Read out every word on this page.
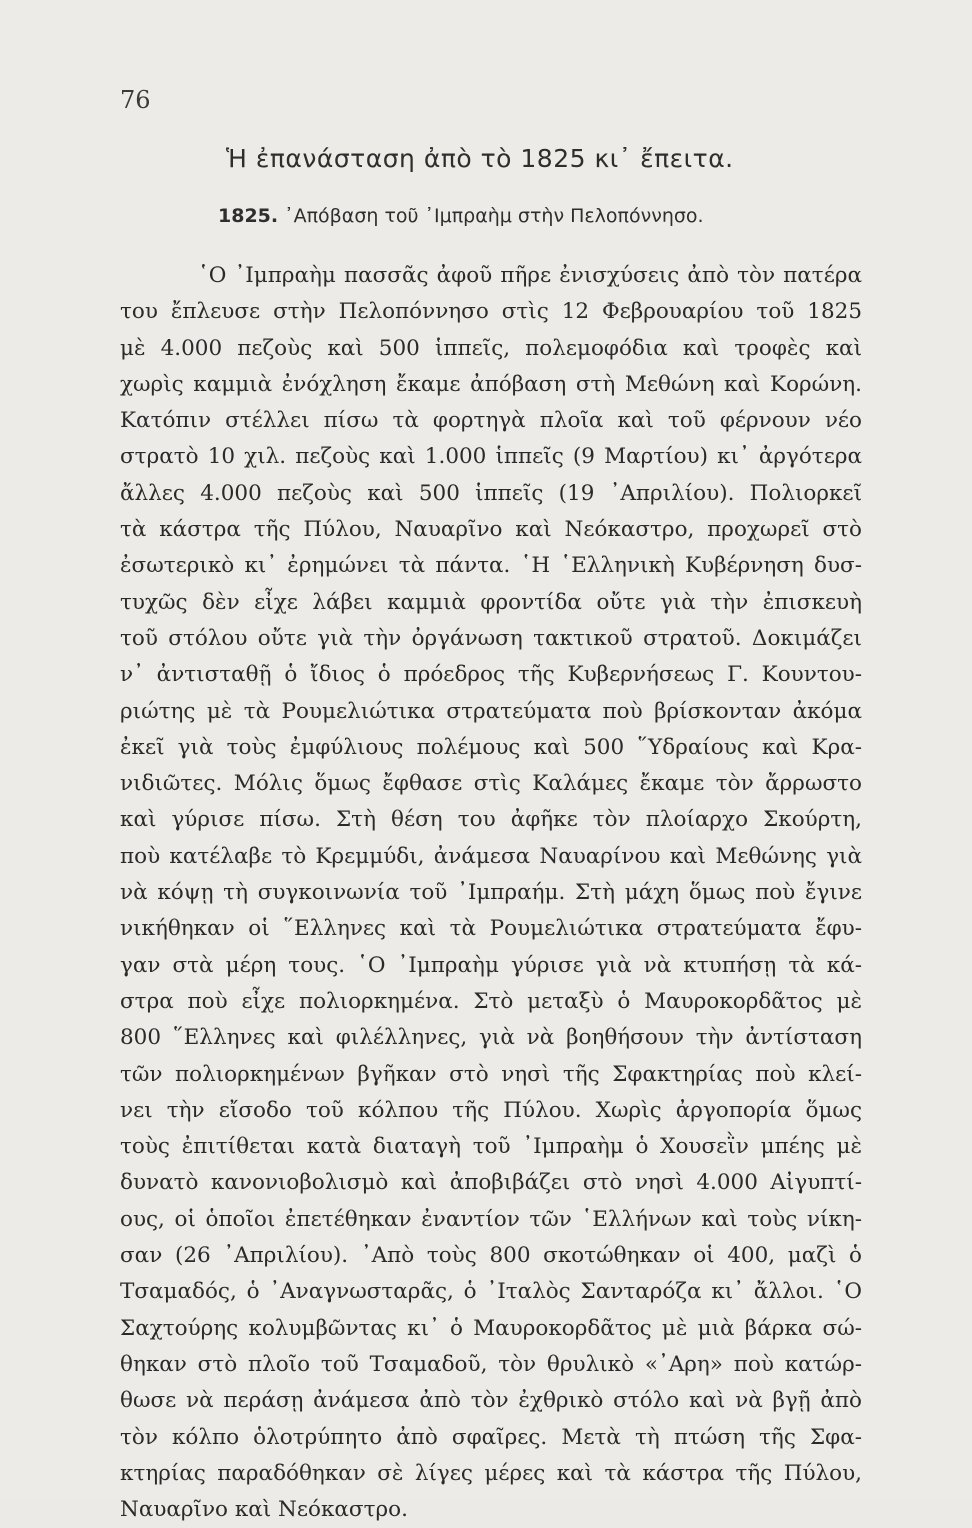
76
Ἡ ἐπανάσταση ἀπὸ τὸ 1825 κι᾽ ἔπειτα.
1825. ᾽Απόβαση τοῦ ᾽Ιμπραὴμ στὴν Πελοπόννησο.
῾Ο ᾽Ιμπραὴμ πασσᾶς ἀφοῦ πῆρε ἐνισχύσεις ἀπὸ τὸν πατέρα
του ἔπλευσε στὴν Πελοπόννησο στὶς 12 Φεβρουαρίου τοῦ 1825
μὲ 4.000 πεζοὺς καὶ 500 ἱππεῖς, πολεμοφόδια καὶ τροφὲς καὶ
χωρὶς καμμιὰ ἐνόχληση ἔκαμε ἀπόβαση στὴ Μεθώνη καὶ Κορώνη.
Κατόπιν στέλλει πίσω τὰ φορτηγὰ πλοῖα καὶ τοῦ φέρνουν νέο
στρατὸ 10 χιλ. πεζοὺς καὶ 1.000 ἱππεῖς (9 Μαρτίου) κι᾽ ἀργότερα
ἄλλες 4.000 πεζοὺς καὶ 500 ἱππεῖς (19 ᾽Απριλίου). Πολιορκεῖ
τὰ κάστρα τῆς Πύλου, Ναυαρῖνο καὶ Νεόκαστρο, προχωρεῖ στὸ
ἐσωτερικὸ κι᾽ ἐρημώνει τὰ πάντα. ῾Η ῾Ελληνικὴ Κυβέρνηση δυσ-
τυχῶς δὲν εἶχε λάβει καμμιὰ φροντίδα οὔτε γιὰ τὴν ἐπισκευὴ
τοῦ στόλου οὔτε γιὰ τὴν ὀργάνωση τακτικοῦ στρατοῦ. Δοκιμάζει
ν᾽ ἀντισταθῇ ὁ ἴδιος ὁ πρόεδρος τῆς Κυβερνήσεως Γ. Κουντου-
ριώτης μὲ τὰ Ρουμελιώτικα στρατεύματα ποὺ βρίσκονταν ἀκόμα
ἐκεῖ γιὰ τοὺς ἐμφύλιους πολέμους καὶ 500 ῞Υδραίους καὶ Κρα-
νιδιῶτες. Μόλις ὅμως ἔφθασε στὶς Καλάμες ἔκαμε τὸν ἄρρωστο
καὶ γύρισε πίσω. Στὴ θέση του ἀφῆκε τὸν πλοίαρχο Σκούρτη,
ποὺ κατέλαβε τὸ Κρεμμύδι, ἀνάμεσα Ναυαρίνου καὶ Μεθώνης γιὰ
νὰ κόψῃ τὴ συγκοινωνία τοῦ ᾽Ιμπραήμ. Στὴ μάχη ὅμως ποὺ ἔγινε
νικήθηκαν οἱ ῞Ελληνες καὶ τὰ Ρουμελιώτικα στρατεύματα ἔφυ-
γαν στὰ μέρη τους. ῾Ο ᾽Ιμπραὴμ γύρισε γιὰ νὰ κτυπήσῃ τὰ κά-
στρα ποὺ εἶχε πολιορκημένα. Στὸ μεταξὺ ὁ Μαυροκορδᾶτος μὲ
800 ῞Ελληνες καὶ φιλέλληνες, γιὰ νὰ βοηθήσουν τὴν ἀντίσταση
τῶν πολιορκημένων βγῆκαν στὸ νησὶ τῆς Σφακτηρίας ποὺ κλεί-
νει τὴν εἴσοδο τοῦ κόλπου τῆς Πύλου. Χωρὶς ἀργοπορία ὅμως
τοὺς ἐπιτίθεται κατὰ διαταγὴ τοῦ ᾽Ιμπραὴμ ὁ Χουσεῒν μπέης μὲ
δυνατὸ κανονιοβολισμὸ καὶ ἀποβιβάζει στὸ νησὶ 4.000 Αἰγυπτί-
ους, οἱ ὁποῖοι ἐπετέθηκαν ἐναντίον τῶν ῾Ελλήνων καὶ τοὺς νίκη-
σαν (26 ᾽Απριλίου). ᾽Απὸ τοὺς 800 σκοτώθηκαν οἱ 400, μαζὶ ὁ
Τσαμαδός, ὁ ᾽Αναγνωσταρᾶς, ὁ ᾽Ιταλὸς Σανταρόζα κι᾽ ἄλλοι. ῾Ο
Σαχτούρης κολυμβῶντας κι᾽ ὁ Μαυροκορδᾶτος μὲ μιὰ βάρκα σώ-
θηκαν στὸ πλοῖο τοῦ Τσαμαδοῦ, τὸν θρυλικὸ «᾽Αρη» ποὺ κατώρ-
θωσε νὰ περάσῃ ἀνάμεσα ἀπὸ τὸν ἐχθρικὸ στόλο καὶ νὰ βγῇ ἀπὸ
τὸν κόλπο ὁλοτρύπητο ἀπὸ σφαῖρες. Μετὰ τὴ πτώση τῆς Σφα-
κτηρίας παραδόθηκαν σὲ λίγες μέρες καὶ τὰ κάστρα τῆς Πύλου,
Ναυαρῖνο καὶ Νεόκαστρο.
